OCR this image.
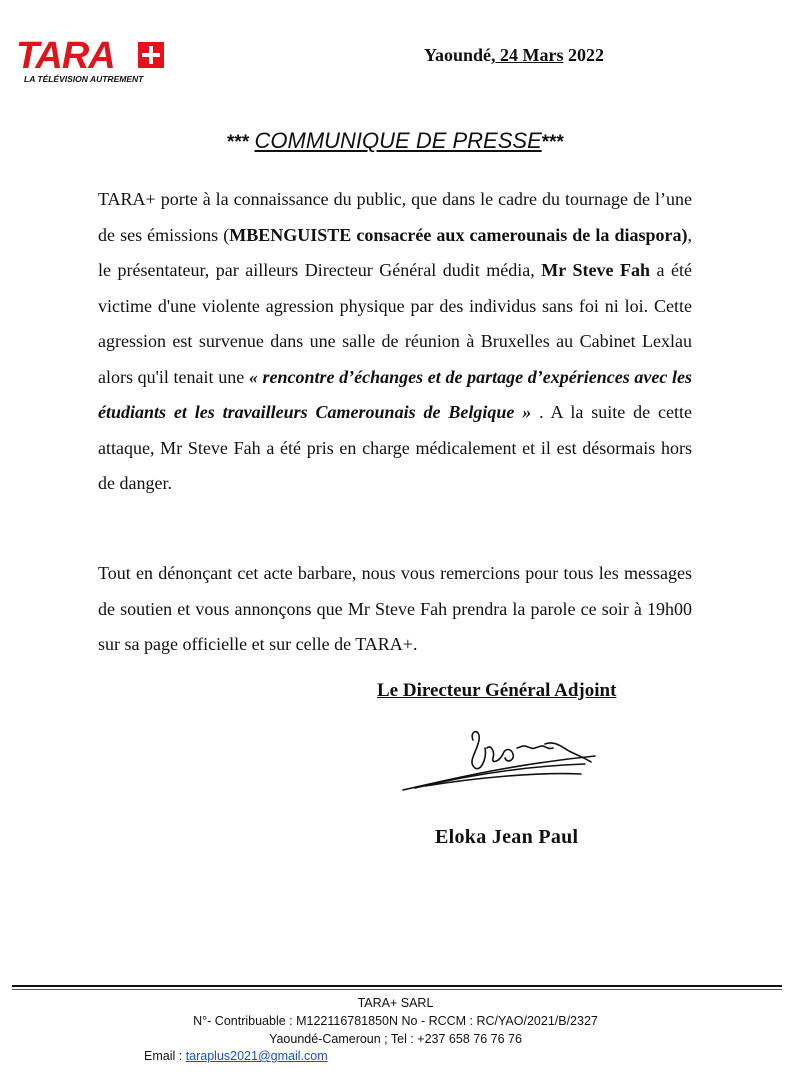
TARA
LA TÉLÉVISION AUTREMENT
Yaoundé, 24 Mars 2022
*** COMMUNIQUE DE PRESSE***
TARA+ porte à la connaissance du public, que dans le cadre du tournage de l’une de ses émissions (MBENGUISTE consacrée aux camerounais de la diaspora), le présentateur, par ailleurs Directeur Général dudit média, Mr Steve Fah a été victime d'une violente agression physique par des individus sans foi ni loi. Cette agression est survenue dans une salle de réunion à Bruxelles au Cabinet Lexlau alors qu'il tenait une « rencontre d’échanges et de partage d’expériences avec les étudiants et les travailleurs Camerounais de Belgique » . A la suite de cette attaque, Mr Steve Fah a été pris en charge médicalement et il est désormais hors de danger.
Tout en dénonçant cet acte barbare, nous vous remercions pour tous les messages de soutien et vous annonçons que Mr Steve Fah prendra la parole ce soir à 19h00 sur sa page officielle et sur celle de TARA+.
Le Directeur Général Adjoint
Eloka Jean Paul
TARA+ SARL
N°- Contribuable : M122116781850N No - RCCM : RC/YAO/2021/B/2327
Yaoundé-Cameroun ; Tel : +237 658 76 76 76
Email : taraplus2021@gmail.com
